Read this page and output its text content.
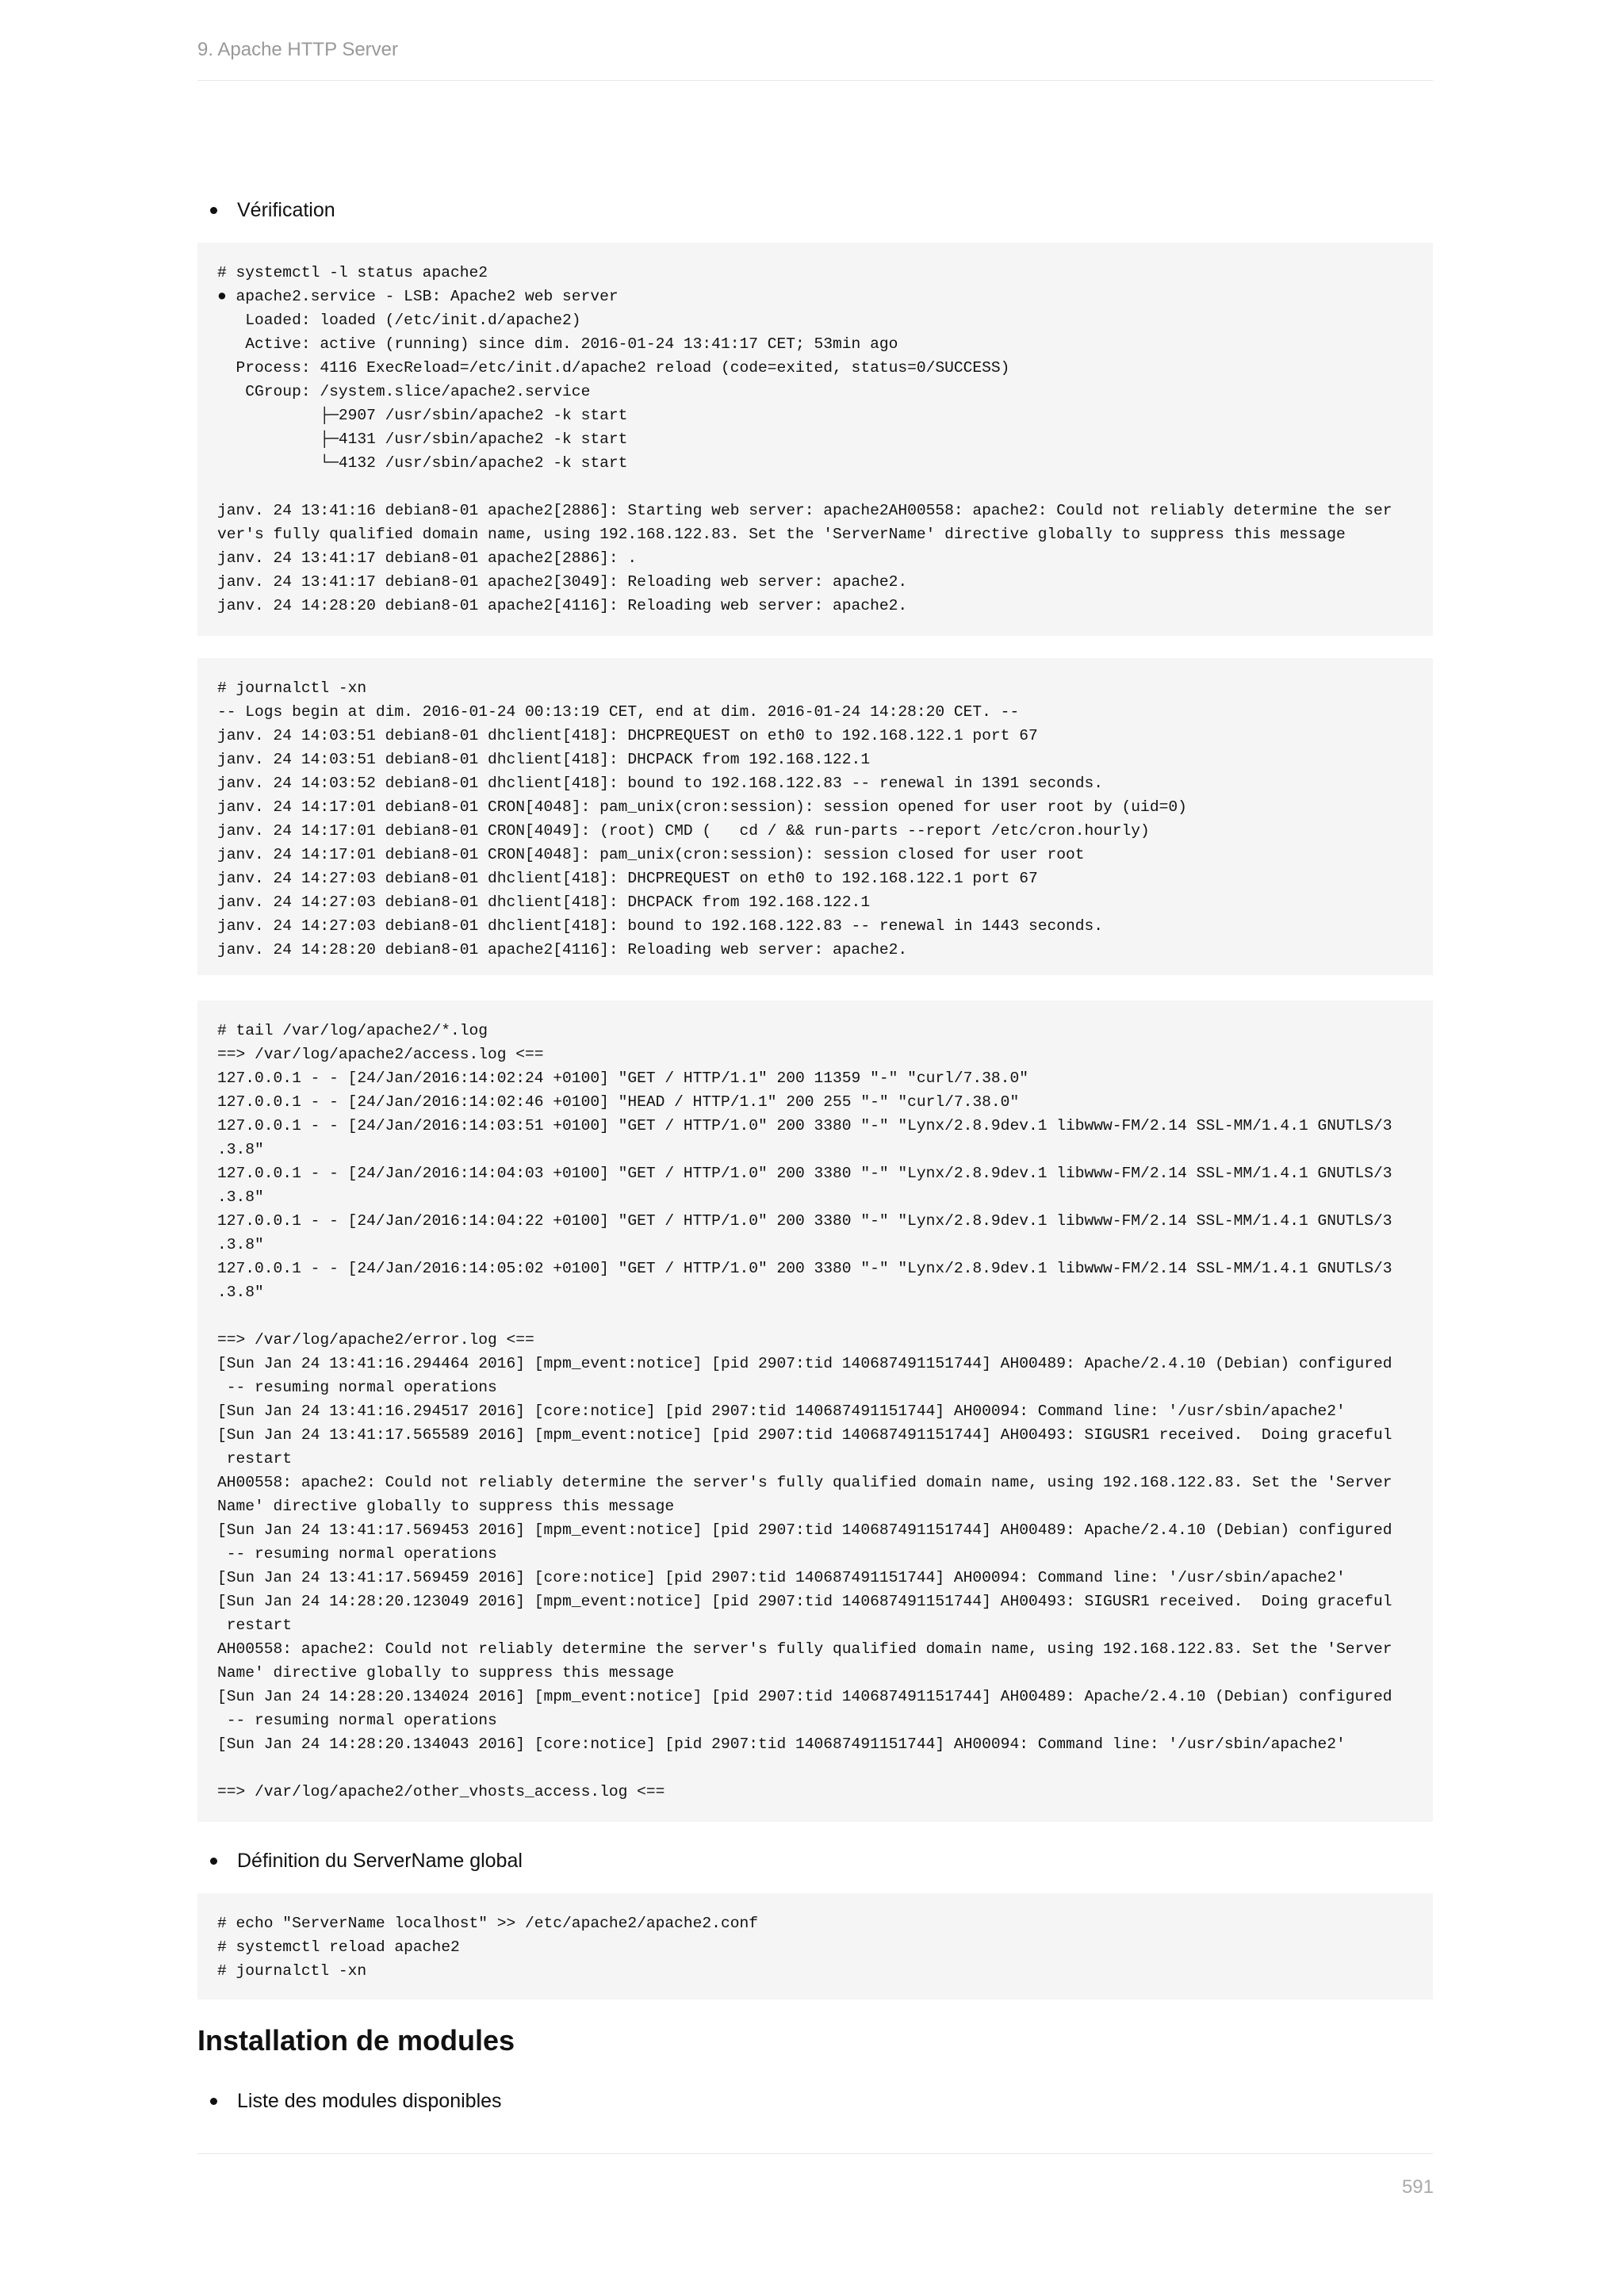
9. Apache HTTP Server
Vérification
# systemctl -l status apache2
● apache2.service - LSB: Apache2 web server
Loaded: loaded (/etc/init.d/apache2)
Active: active (running) since dim. 2016-01-24 13:41:17 CET; 53min ago
Process: 4116 ExecReload=/etc/init.d/apache2 reload (code=exited, status=0/SUCCESS)
CGroup: /system.slice/apache2.service
├─2907 /usr/sbin/apache2 -k start
├─4131 /usr/sbin/apache2 -k start
└─4132 /usr/sbin/apache2 -k start

janv. 24 13:41:16 debian8-01 apache2[2886]: Starting web server: apache2AH00558: apache2: Could not reliably determine the ser
ver's fully qualified domain name, using 192.168.122.83. Set the 'ServerName' directive globally to suppress this message
janv. 24 13:41:17 debian8-01 apache2[2886]: .
janv. 24 13:41:17 debian8-01 apache2[3049]: Reloading web server: apache2.
janv. 24 14:28:20 debian8-01 apache2[4116]: Reloading web server: apache2.
# journalctl -xn
-- Logs begin at dim. 2016-01-24 00:13:19 CET, end at dim. 2016-01-24 14:28:20 CET. --
janv. 24 14:03:51 debian8-01 dhclient[418]: DHCPREQUEST on eth0 to 192.168.122.1 port 67
janv. 24 14:03:51 debian8-01 dhclient[418]: DHCPACK from 192.168.122.1
janv. 24 14:03:52 debian8-01 dhclient[418]: bound to 192.168.122.83 -- renewal in 1391 seconds.
janv. 24 14:17:01 debian8-01 CRON[4048]: pam_unix(cron:session): session opened for user root by (uid=0)
janv. 24 14:17:01 debian8-01 CRON[4049]: (root) CMD (   cd / && run-parts --report /etc/cron.hourly)
janv. 24 14:17:01 debian8-01 CRON[4048]: pam_unix(cron:session): session closed for user root
janv. 24 14:27:03 debian8-01 dhclient[418]: DHCPREQUEST on eth0 to 192.168.122.1 port 67
janv. 24 14:27:03 debian8-01 dhclient[418]: DHCPACK from 192.168.122.1
janv. 24 14:27:03 debian8-01 dhclient[418]: bound to 192.168.122.83 -- renewal in 1443 seconds.
janv. 24 14:28:20 debian8-01 apache2[4116]: Reloading web server: apache2.
# tail /var/log/apache2/*.log
==> /var/log/apache2/access.log <==
127.0.0.1 - - [24/Jan/2016:14:02:24 +0100] "GET / HTTP/1.1" 200 11359 "-" "curl/7.38.0"
127.0.0.1 - - [24/Jan/2016:14:02:46 +0100] "HEAD / HTTP/1.1" 200 255 "-" "curl/7.38.0"
127.0.0.1 - - [24/Jan/2016:14:03:51 +0100] "GET / HTTP/1.0" 200 3380 "-" "Lynx/2.8.9dev.1 libwww-FM/2.14 SSL-MM/1.4.1 GNUTLS/3
.3.8"
127.0.0.1 - - [24/Jan/2016:14:04:03 +0100] "GET / HTTP/1.0" 200 3380 "-" "Lynx/2.8.9dev.1 libwww-FM/2.14 SSL-MM/1.4.1 GNUTLS/3
.3.8"
127.0.0.1 - - [24/Jan/2016:14:04:22 +0100] "GET / HTTP/1.0" 200 3380 "-" "Lynx/2.8.9dev.1 libwww-FM/2.14 SSL-MM/1.4.1 GNUTLS/3
.3.8"
127.0.0.1 - - [24/Jan/2016:14:05:02 +0100] "GET / HTTP/1.0" 200 3380 "-" "Lynx/2.8.9dev.1 libwww-FM/2.14 SSL-MM/1.4.1 GNUTLS/3
.3.8"

==> /var/log/apache2/error.log <==
[Sun Jan 24 13:41:16.294464 2016] [mpm_event:notice] [pid 2907:tid 140687491151744] AH00489: Apache/2.4.10 (Debian) configured
-- resuming normal operations
[Sun Jan 24 13:41:16.294517 2016] [core:notice] [pid 2907:tid 140687491151744] AH00094: Command line: '/usr/sbin/apache2'
[Sun Jan 24 13:41:17.565589 2016] [mpm_event:notice] [pid 2907:tid 140687491151744] AH00493: SIGUSR1 received.  Doing graceful
restart
AH00558: apache2: Could not reliably determine the server's fully qualified domain name, using 192.168.122.83. Set the 'Server
Name' directive globally to suppress this message
[Sun Jan 24 13:41:17.569453 2016] [mpm_event:notice] [pid 2907:tid 140687491151744] AH00489: Apache/2.4.10 (Debian) configured
-- resuming normal operations
[Sun Jan 24 13:41:17.569459 2016] [core:notice] [pid 2907:tid 140687491151744] AH00094: Command line: '/usr/sbin/apache2'
[Sun Jan 24 14:28:20.123049 2016] [mpm_event:notice] [pid 2907:tid 140687491151744] AH00493: SIGUSR1 received.  Doing graceful
restart
AH00558: apache2: Could not reliably determine the server's fully qualified domain name, using 192.168.122.83. Set the 'Server
Name' directive globally to suppress this message
[Sun Jan 24 14:28:20.134024 2016] [mpm_event:notice] [pid 2907:tid 140687491151744] AH00489: Apache/2.4.10 (Debian) configured
-- resuming normal operations
[Sun Jan 24 14:28:20.134043 2016] [core:notice] [pid 2907:tid 140687491151744] AH00094: Command line: '/usr/sbin/apache2'

==> /var/log/apache2/other_vhosts_access.log <==
Définition du ServerName global
# echo "ServerName localhost" >> /etc/apache2/apache2.conf
# systemctl reload apache2
# journalctl -xn
Installation de modules
Liste des modules disponibles
591
